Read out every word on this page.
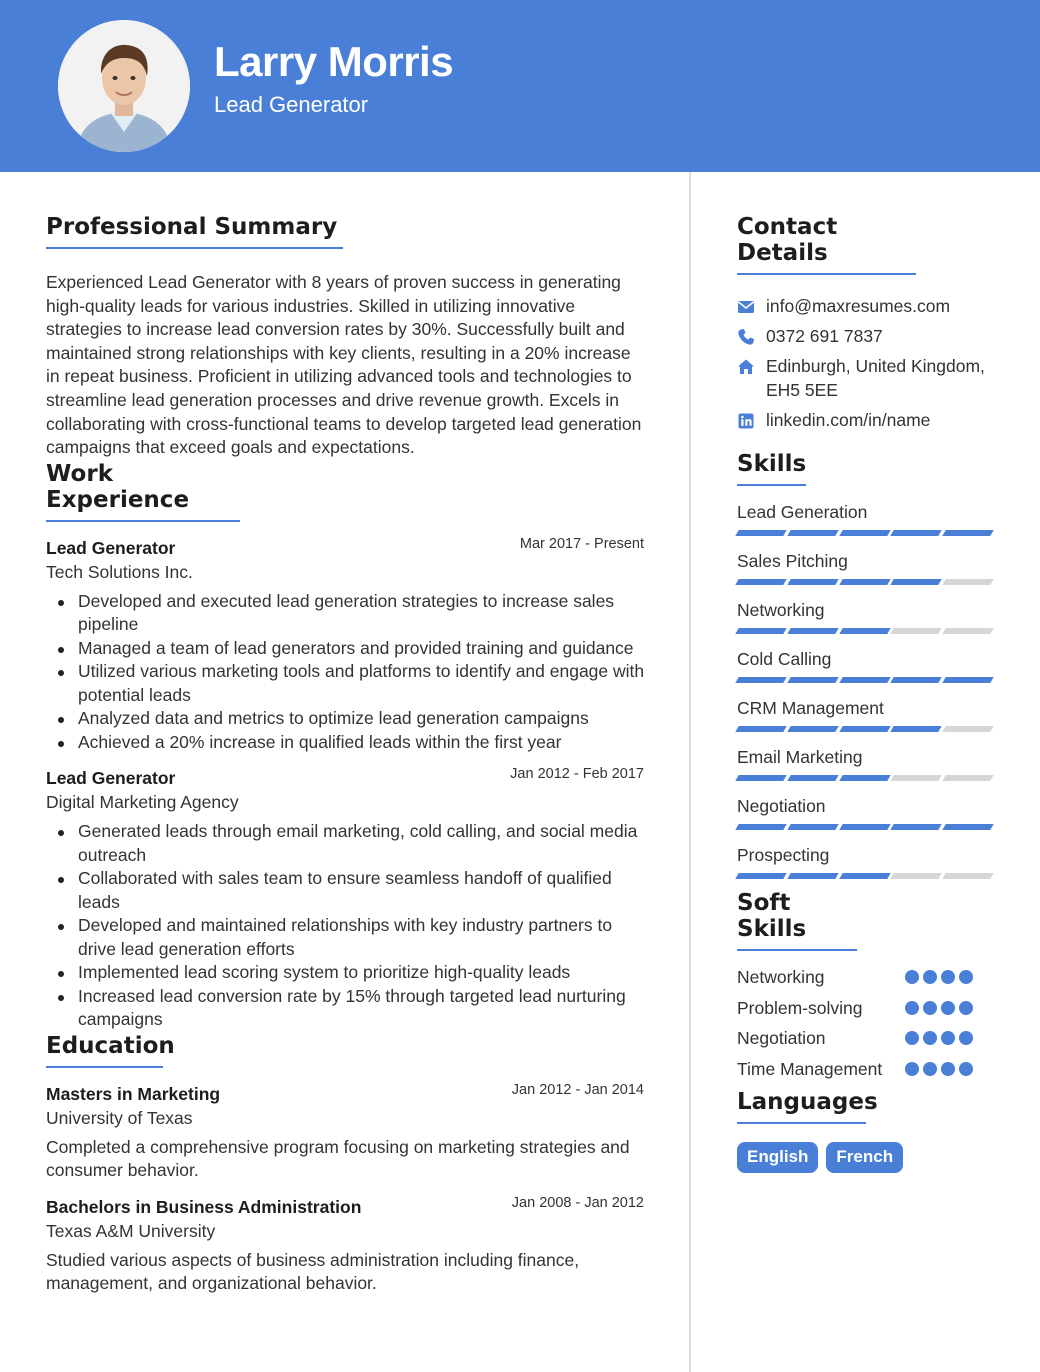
Larry Morris
Lead Generator
Professional Summary

Experienced Lead Generator with 8 years of proven success in generating high-quality leads for various industries. Skilled in utilizing innovative strategies to increase lead conversion rates by 30%. Successfully built and maintained strong relationships with key clients, resulting in a 20% increase in repeat business. Proficient in utilizing advanced tools and technologies to streamline lead generation processes and drive revenue growth. Excels in collaborating with cross-functional teams to develop targeted lead generation campaigns that exceed goals and expectations.

Work Experience
Lead Generator	Mar 2017 - Present
Tech Solutions Inc.
Developed and executed lead generation strategies to increase sales pipeline
Managed a team of lead generators and provided training and guidance
Utilized various marketing tools and platforms to identify and engage with potential leads
Analyzed data and metrics to optimize lead generation campaigns
Achieved a 20% increase in qualified leads within the first year
Lead Generator	Jan 2012 - Feb 2017
Digital Marketing Agency
Generated leads through email marketing, cold calling, and social media outreach
Collaborated with sales team to ensure seamless handoff of qualified leads
Developed and maintained relationships with key industry partners to drive lead generation efforts
Implemented lead scoring system to prioritize high-quality leads
Increased lead conversion rate by 15% through targeted lead nurturing campaigns
Education
Masters in Marketing	Jan 2012 - Jan 2014
University of Texas

Completed a comprehensive program focusing on marketing strategies and consumer behavior.

Bachelors in Business Administration	Jan 2008 - Jan 2012
Texas A&M University

Studied various aspects of business administration including finance, management, and organizational behavior.

Contact Details
info@maxresumes.com
0372 691 7837
Edinburgh, United Kingdom, EH5 5EE
linkedin.com/in/name
Skills
Lead Generation
Sales Pitching
Networking
Cold Calling
CRM Management
Email Marketing
Negotiation
Prospecting
Soft Skills
Networking
Problem-solving
Negotiation
Time Management
Languages
English	French
